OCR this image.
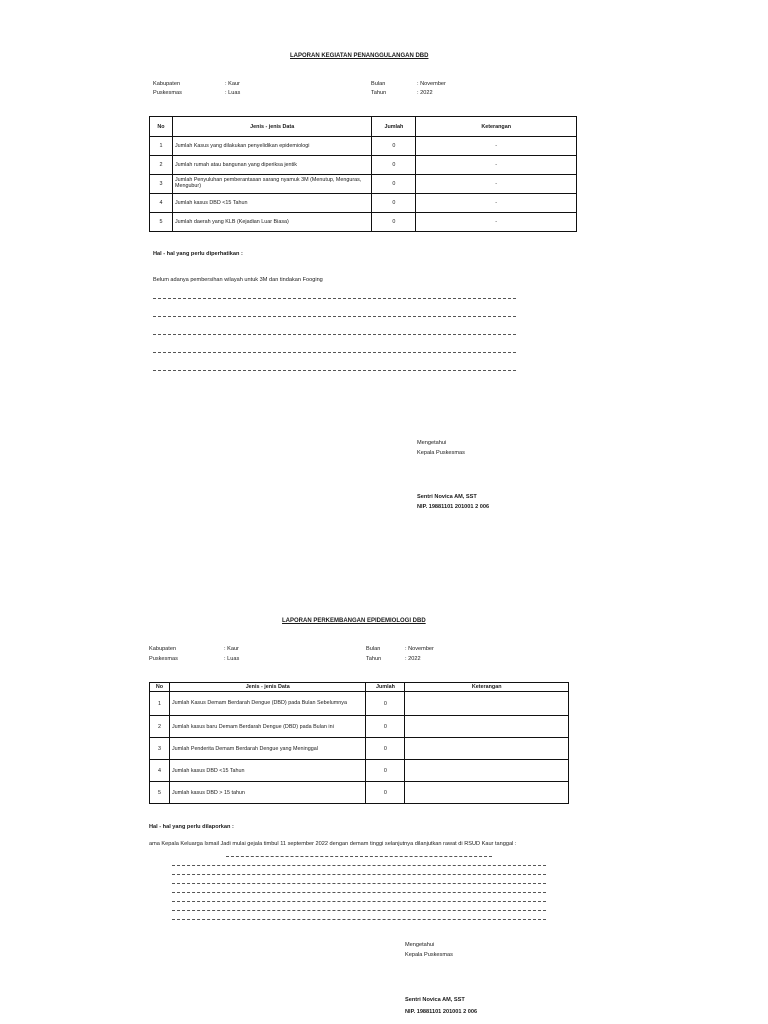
LAPORAN KEGIATAN PENANGGULANGAN DBD
Kabupaten	: Kaur
Puskesmas	: Luas
Bulan	: November
Tahun	: 2022
No	Jenis - jenis Data	Jumlah	Keterangan
1	Jumlah Kasus yang dilakukan penyelidikan epidemiologi	0	-
2	Jumlah rumah atau bangunan yang diperiksa jentik	0	-
3	Jumlah Penyuluhan pemberantasan sarang nyamuk 3M (Menutup, Menguras, Mengubur)	0	-
4	Jumlah kasus DBD <15 Tahun	0	-
5	Jumlah daerah yang KLB (Kejadian Luar Biasa)	0	-
Hal - hal yang perlu diperhatikan :
Belum adanya pembersihan wilayah untuk 3M dan tindakan Fooging
Mengetahui
Kepala Puskesmas
Sentri Novica AM, SST
NIP. 19881101 201001 2 006
LAPORAN PERKEMBANGAN EPIDEMIOLOGI DBD
Kabupaten	: Kaur
Puskesmas	: Luas
Bulan	: November
Tahun	: 2022
No	Jenis - jenis Data	Jumlah	Keterangan
1	Jumlah Kasus Demam Berdarah Dengue (DBD) pada Bulan Sebelumnya	0	
2	Jumlah kasus baru Demam Berdarah Dengue (DBD) pada Bulan ini	0	
3	Jumlah Penderita Demam Berdarah Dengue yang Meninggal	0	
4	Jumlah kasus DBD <15 Tahun	0	
5	Jumlah kasus DBD > 15 tahun	0	
Hal - hal yang perlu dilaporkan :
ama Kepala Keluarga Ismail Jadi mulai gejala timbul 11 september 2022 dengan demam tinggi selanjutnya dilanjutkan rawat di RSUD Kaur tanggal :
Mengetahui
Kepala Puskesmas
Sentri Novica AM, SST
NIP. 19881101 201001 2 006
